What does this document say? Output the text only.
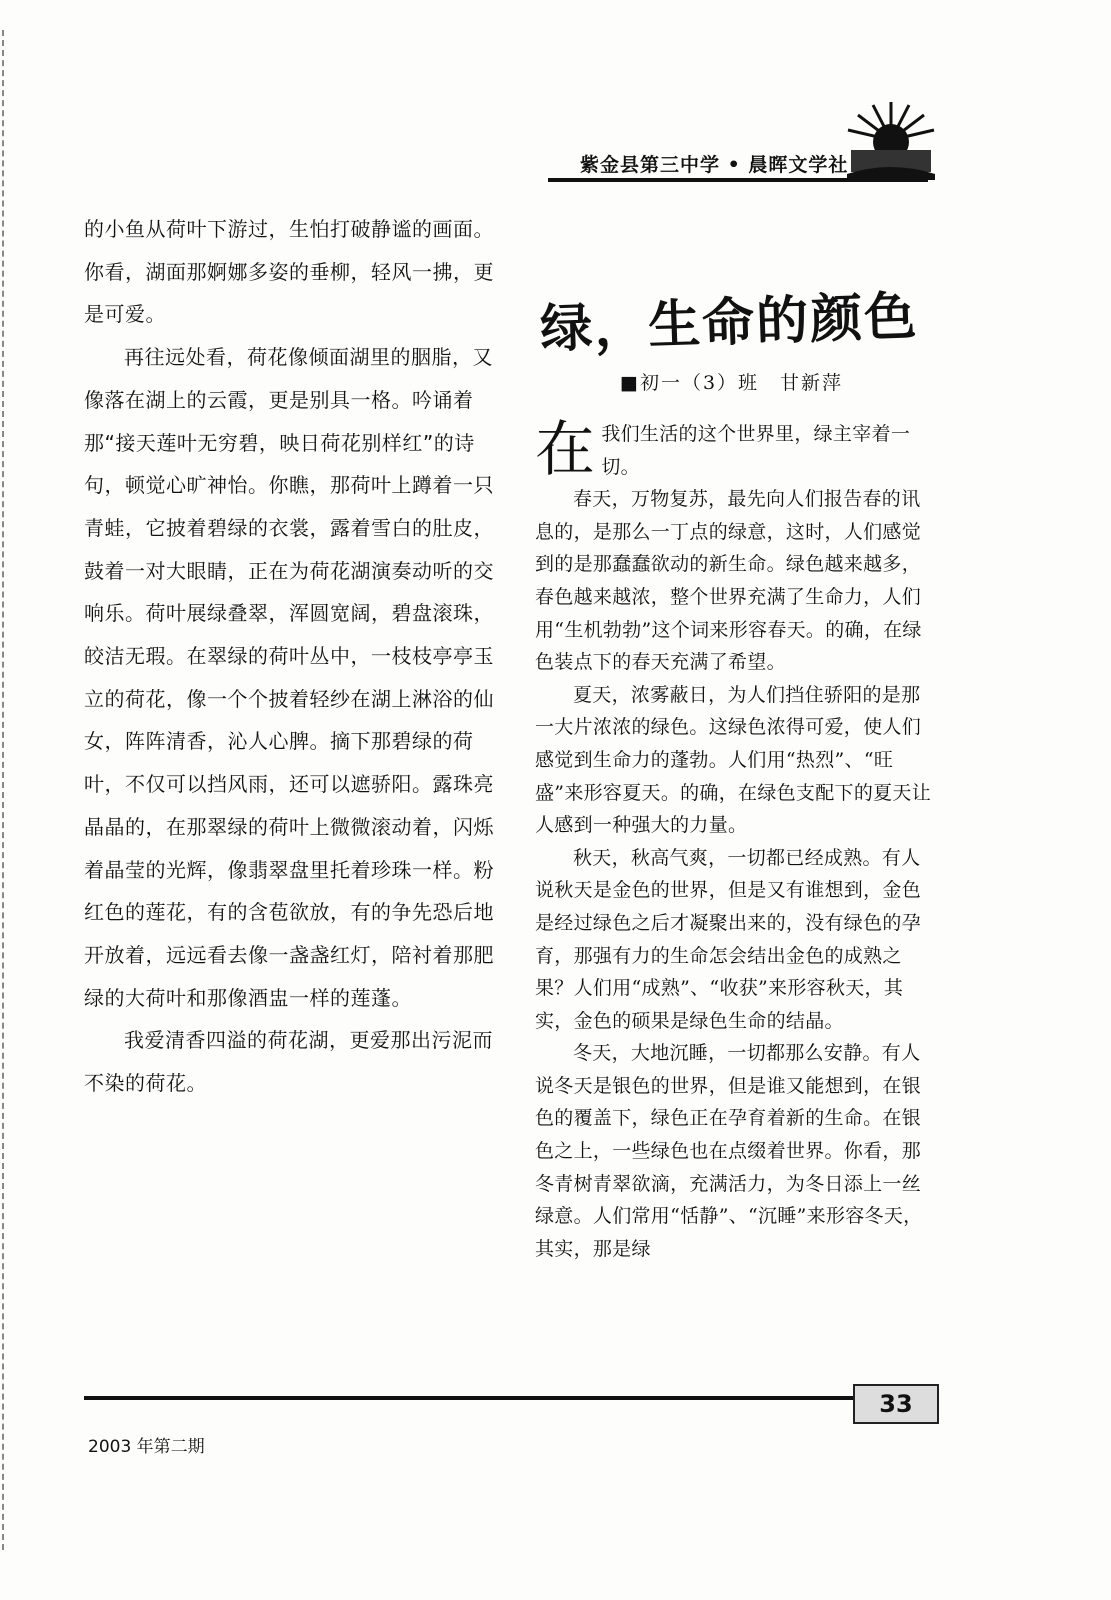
紫金县第三中学 • 晨晖文学社

的小鱼从荷叶下游过，生怕打破静谧的画面。你看，湖面那婀娜多姿的垂柳，轻风一拂，更是可爱。

再往远处看，荷花像倾面湖里的胭脂，又像落在湖上的云霞，更是别具一格。吟诵着那“接天莲叶无穷碧，映日荷花别样红”的诗句，顿觉心旷神怡。你瞧，那荷叶上蹲着一只青蛙，它披着碧绿的衣裳，露着雪白的肚皮，鼓着一对大眼睛，正在为荷花湖演奏动听的交响乐。荷叶展绿叠翠，浑圆宽阔，碧盘滚珠，皎洁无瑕。在翠绿的荷叶丛中，一枝枝亭亭玉立的荷花，像一个个披着轻纱在湖上淋浴的仙女，阵阵清香，沁人心脾。摘下那碧绿的荷叶，不仅可以挡风雨，还可以遮骄阳。露珠亮晶晶的，在那翠绿的荷叶上微微滚动着，闪烁着晶莹的光辉，像翡翠盘里托着珍珠一样。粉红色的莲花，有的含苞欲放，有的争先恐后地开放着，远远看去像一盏盏红灯，陪衬着那肥绿的大荷叶和那像酒盅一样的莲蓬。

我爱清香四溢的荷花湖，更爱那出污泥而不染的荷花。

绿，生命的颜色
■初一（3）班　甘新萍

在我们生活的这个世界里，绿主宰着一切。

春天，万物复苏，最先向人们报告春的讯息的，是那么一丁点的绿意，这时，人们感觉到的是那蠢蠢欲动的新生命。绿色越来越多，春色越来越浓，整个世界充满了生命力，人们用“生机勃勃”这个词来形容春天。的确，在绿色装点下的春天充满了希望。

夏天，浓雾蔽日，为人们挡住骄阳的是那一大片浓浓的绿色。这绿色浓得可爱，使人们感觉到生命力的蓬勃。人们用“热烈”、“旺盛”来形容夏天。的确，在绿色支配下的夏天让人感到一种强大的力量。

秋天，秋高气爽，一切都已经成熟。有人说秋天是金色的世界，但是又有谁想到，金色是经过绿色之后才凝聚出来的，没有绿色的孕育，那强有力的生命怎会结出金色的成熟之果？人们用“成熟”、“收获”来形容秋天，其实，金色的硕果是绿色生命的结晶。

冬天，大地沉睡，一切都那么安静。有人说冬天是银色的世界，但是谁又能想到，在银色的覆盖下，绿色正在孕育着新的生命。在银色之上，一些绿色也在点缀着世界。你看，那冬青树青翠欲滴，充满活力，为冬日添上一丝绿意。人们常用“恬静”、“沉睡”来形容冬天，其实，那是绿

33
2003 年第二期
